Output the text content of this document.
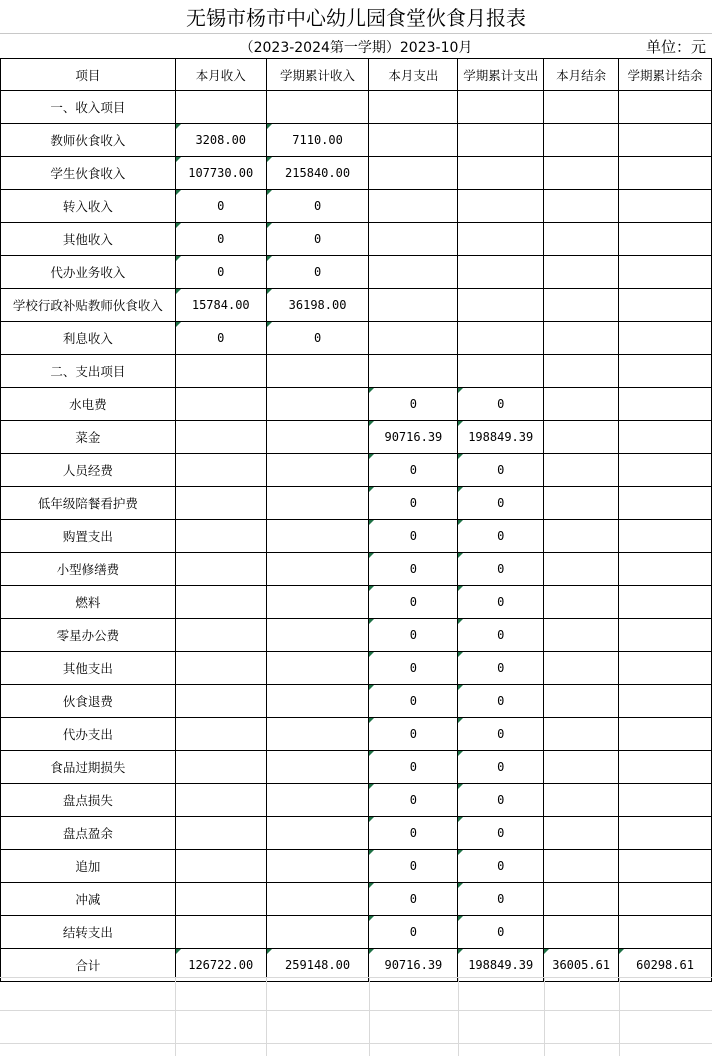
无锡市杨市中心幼儿园食堂伙食月报表
（2023-2024第一学期）2023-10月	单位：元
项目	本月收入	学期累计收入	本月支出	学期累计支出	本月结余	学期累计结余
一、收入项目						
教师伙食收入	3208.00	7110.00				
学生伙食收入	107730.00	215840.00				
转入收入	0	0				
其他收入	0	0				
代办业务收入	0	0				
学校行政补贴教师伙食收入	15784.00	36198.00				
利息收入	0	0				
二、支出项目						
水电费			0	0		
菜金			90716.39	198849.39		
人员经费			0	0		
低年级陪餐看护费			0	0		
购置支出			0	0		
小型修缮费			0	0		
燃料			0	0		
零星办公费			0	0		
其他支出			0	0		
伙食退费			0	0		
代办支出			0	0		
食品过期损失			0	0		
盘点损失			0	0		
盘点盈余			0	0		
追加			0	0		
冲减			0	0		
结转支出			0	0		
合计	126722.00	259148.00	90716.39	198849.39	36005.61	60298.61
